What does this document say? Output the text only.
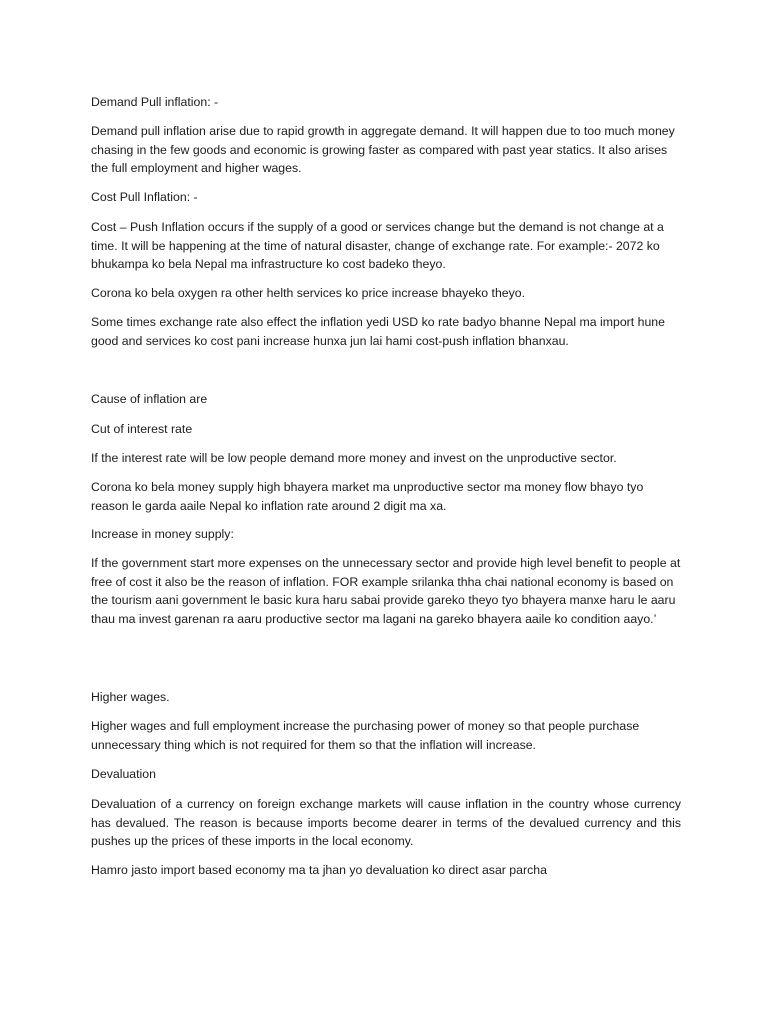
Demand Pull inflation: -

Demand pull inflation arise due to rapid growth in aggregate demand. It will happen due to too much money chasing in the few goods and economic is growing faster as compared with past year statics. It also arises the full employment and higher wages.

Cost Pull Inflation: -

Cost – Push Inflation occurs if the supply of a good or services change but the demand is not change at a time. It will be happening at the time of natural disaster, change of exchange rate. For example:- 2072 ko bhukampa ko bela Nepal ma infrastructure ko cost badeko theyo.

Corona ko bela oxygen ra other helth services ko price increase bhayeko theyo.

Some times exchange rate also effect the inflation yedi USD ko rate badyo bhanne Nepal ma import hune good and services ko cost pani increase hunxa jun lai hami cost-push inflation bhanxau.

Cause of inflation are

Cut of interest rate

If the interest rate will be low people demand more money and invest on the unproductive sector.

Corona ko bela money supply high bhayera market ma unproductive sector ma money flow bhayo tyo reason le garda aaile Nepal ko inflation rate around 2 digit ma xa.

Increase in money supply:

If the government start more expenses on the unnecessary sector and provide high level benefit to people at free of cost it also be the reason of inflation. FOR example srilanka thha chai national economy is based on the tourism aani government le basic kura haru sabai provide gareko theyo tyo bhayera manxe haru le aaru thau ma invest garenan ra aaru productive sector ma lagani na gareko bhayera aaile ko condition aayo.’

Higher wages.

Higher wages and full employment increase the purchasing power of money so that people purchase unnecessary thing which is not required for them so that the inflation will increase.

Devaluation

Devaluation of a currency on foreign exchange markets will cause inflation in the country whose currency has devalued. The reason is because imports become dearer in terms of the devalued currency and this pushes up the prices of these imports in the local economy.

Hamro jasto import based economy ma ta jhan yo devaluation ko direct asar parcha
